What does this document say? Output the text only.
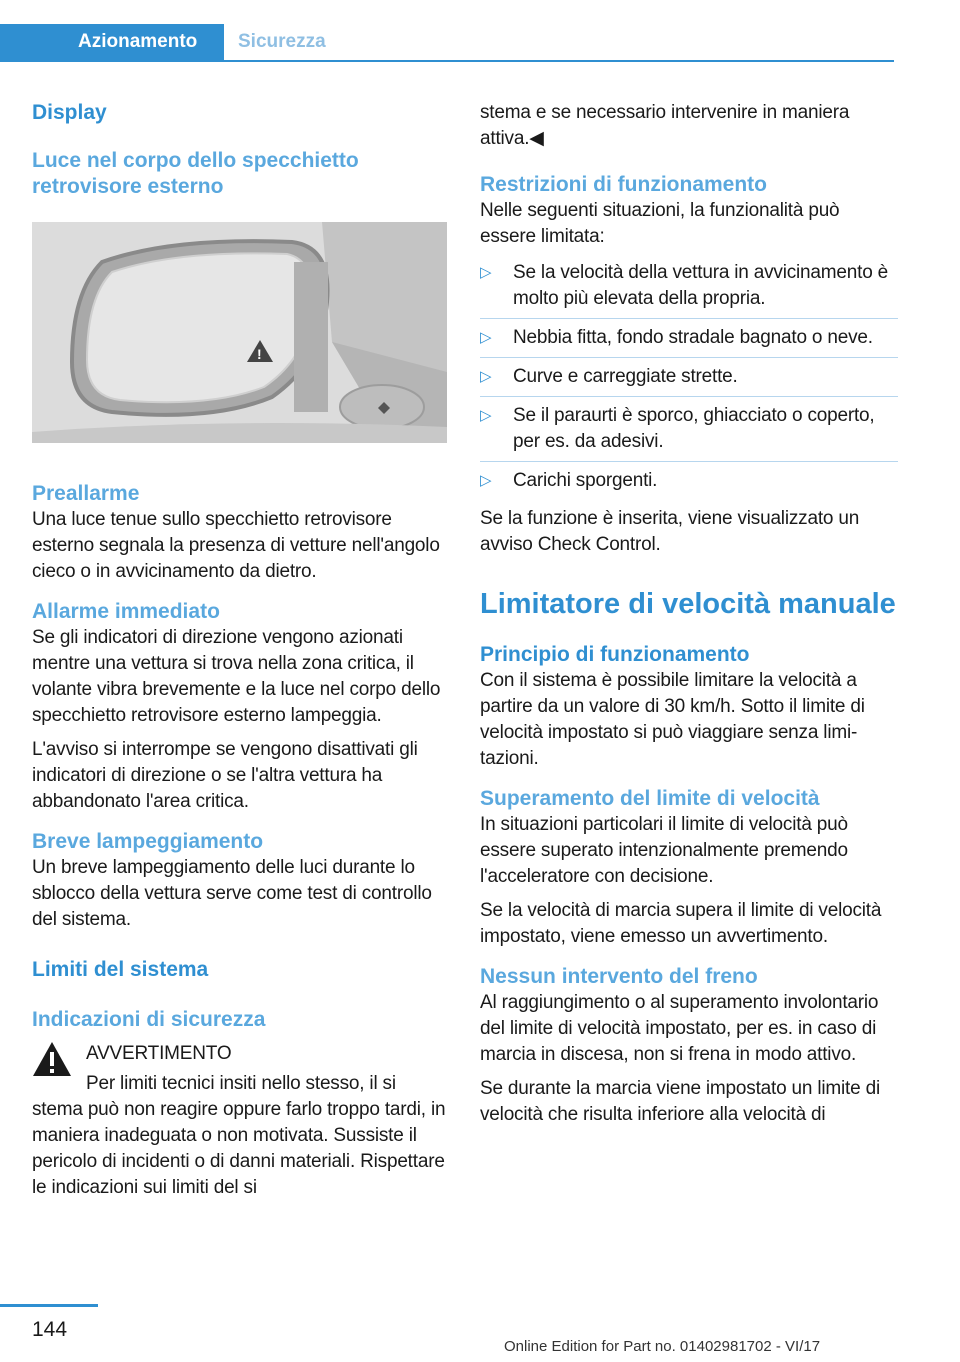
Azionamento	Sicurezza
Display
Luce nel corpo dello specchietto retrovisore esterno
!
Preallarme

Una luce tenue sullo specchietto retrovisore esterno segnala la presenza di vetture nell'angolo cieco o in avvicinamento da dietro.

Allarme immediato

Se gli indicatori di direzione vengono azionati mentre una vettura si trova nella zona critica, il volante vibra brevemente e la luce nel corpo dello specchietto retrovisore esterno lampeggia.

L'avviso si interrompe se vengono disattivati gli indicatori di direzione o se l'altra vettura ha abbandonato l'area critica.

Breve lampeggiamento

Un breve lampeggiamento delle luci durante lo sblocco della vettura serve come test di controllo del sistema.

Limiti del sistema
Indicazioni di sicurezza

AVVERTIMENTO

Per limiti tecnici insiti nello stesso, il si

stema può non reagire oppure farlo troppo tardi, in maniera inadeguata o non motivata. Sussiste il pericolo di incidenti o di danni materiali. Rispettare le indicazioni sui limiti del si

stema e se necessario intervenire in maniera attiva.◀

Restrizioni di funzionamento

Nelle seguenti situazioni, la funzionalità può essere limitata:

▷ Se la velocità della vettura in avvicinamento è molto più elevata della propria.
▷ Nebbia fitta, fondo stradale bagnato o neve.
▷ Curve e carreggiate strette.
▷ Se il paraurti è sporco, ghiacciato o coperto, per es. da adesivi.
▷ Carichi sporgenti.

Se la funzione è inserita, viene visualizzato un avviso Check Control.

Limitatore di velocità manuale
Principio di funzionamento

Con il sistema è possibile limitare la velocità a partire da un valore di 30 km/h. Sotto il limite di velocità impostato si può viaggiare senza limitazioni.

Superamento del limite di velocità

In situazioni particolari il limite di velocità può essere superato intenzionalmente premendo l'acceleratore con decisione.

Se la velocità di marcia supera il limite di velocità impostato, viene emesso un avvertimento.

Nessun intervento del freno

Al raggiungimento o al superamento involontario del limite di velocità impostato, per es. in caso di marcia in discesa, non si frena in modo attivo.

Se durante la marcia viene impostato un limite di velocità che risulta inferiore alla velocità di

144
Online Edition for Part no. 01402981702 - VI/17
